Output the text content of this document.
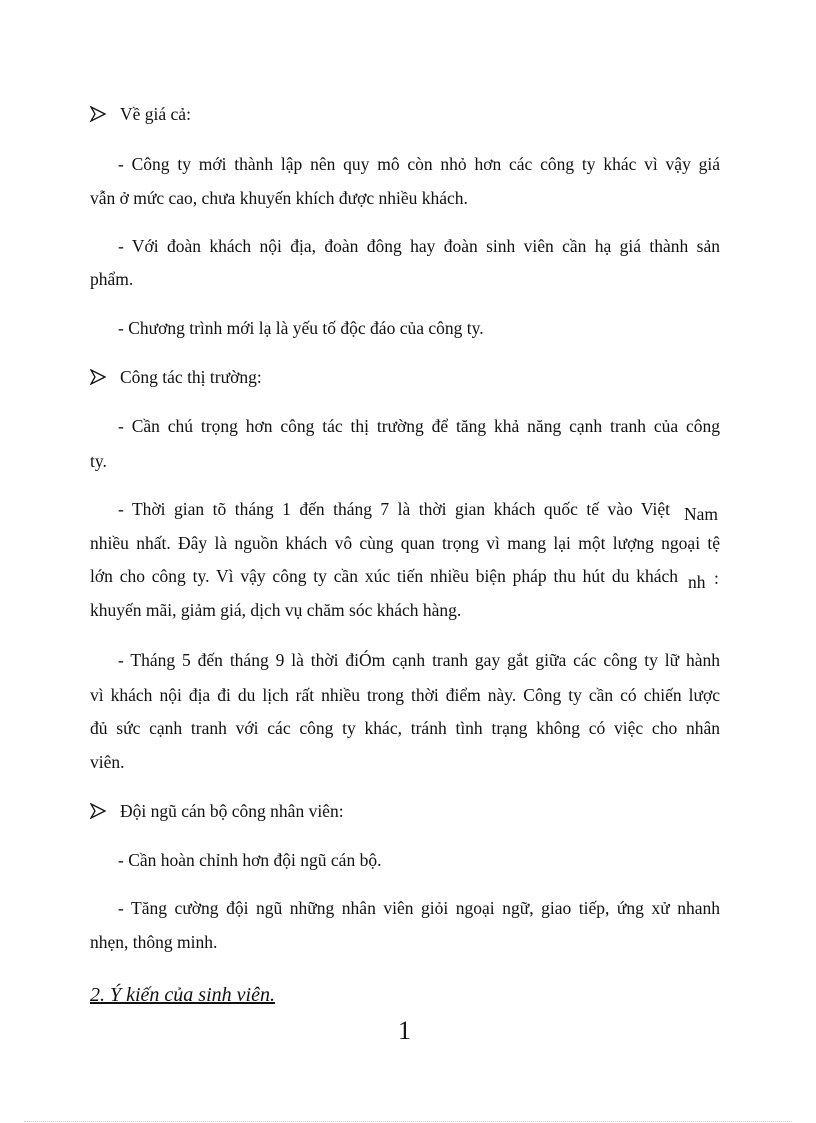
Về giá cả:

- Công ty mới thành lập nên quy mô còn nhỏ hơn các công ty khác vì vậy giá

vẫn ở mức cao, chưa khuyến khích được nhiều khách.

- Với đoàn khách nội địa, đoàn đông hay đoàn sinh viên cần hạ giá thành sản

phẩm.

- Chương trình mới lạ là yếu tố độc đáo của công ty.

Công tác thị trường:

- Cần chú trọng hơn công tác thị trường để tăng khả năng cạnh tranh của công

ty.

- Thời gian tõ tháng 1 đến tháng 7 là thời gian khách quốc tế vào Việt Nam

nhiều nhất. Đây là nguồn khách vô cùng quan trọng vì mang lại một lượng ngoại tệ

lớn cho công ty. Vì vậy công ty cần xúc tiến nhiều biện pháp thu hút du khách nh :

khuyến mãi, giảm giá, dịch vụ chăm sóc khách hàng.

- Tháng 5 đến tháng 9 là thời điÓm cạnh tranh gay gắt giữa các công ty lữ hành

vì khách nội địa đi du lịch rất nhiều trong thời điểm này. Công ty cần có chiến lược

đủ sức cạnh tranh với các công ty khác, tránh tình trạng không có việc cho nhân

viên.

Đội ngũ cán bộ công nhân viên:

- Cần hoàn chỉnh hơn đội ngũ cán bộ.

- Tăng cường đội ngũ những nhân viên giỏi ngoại ngữ, giao tiếp, ứng xử nhanh

nhẹn, thông minh.

2. Ý kiến của sinh viên.
1
